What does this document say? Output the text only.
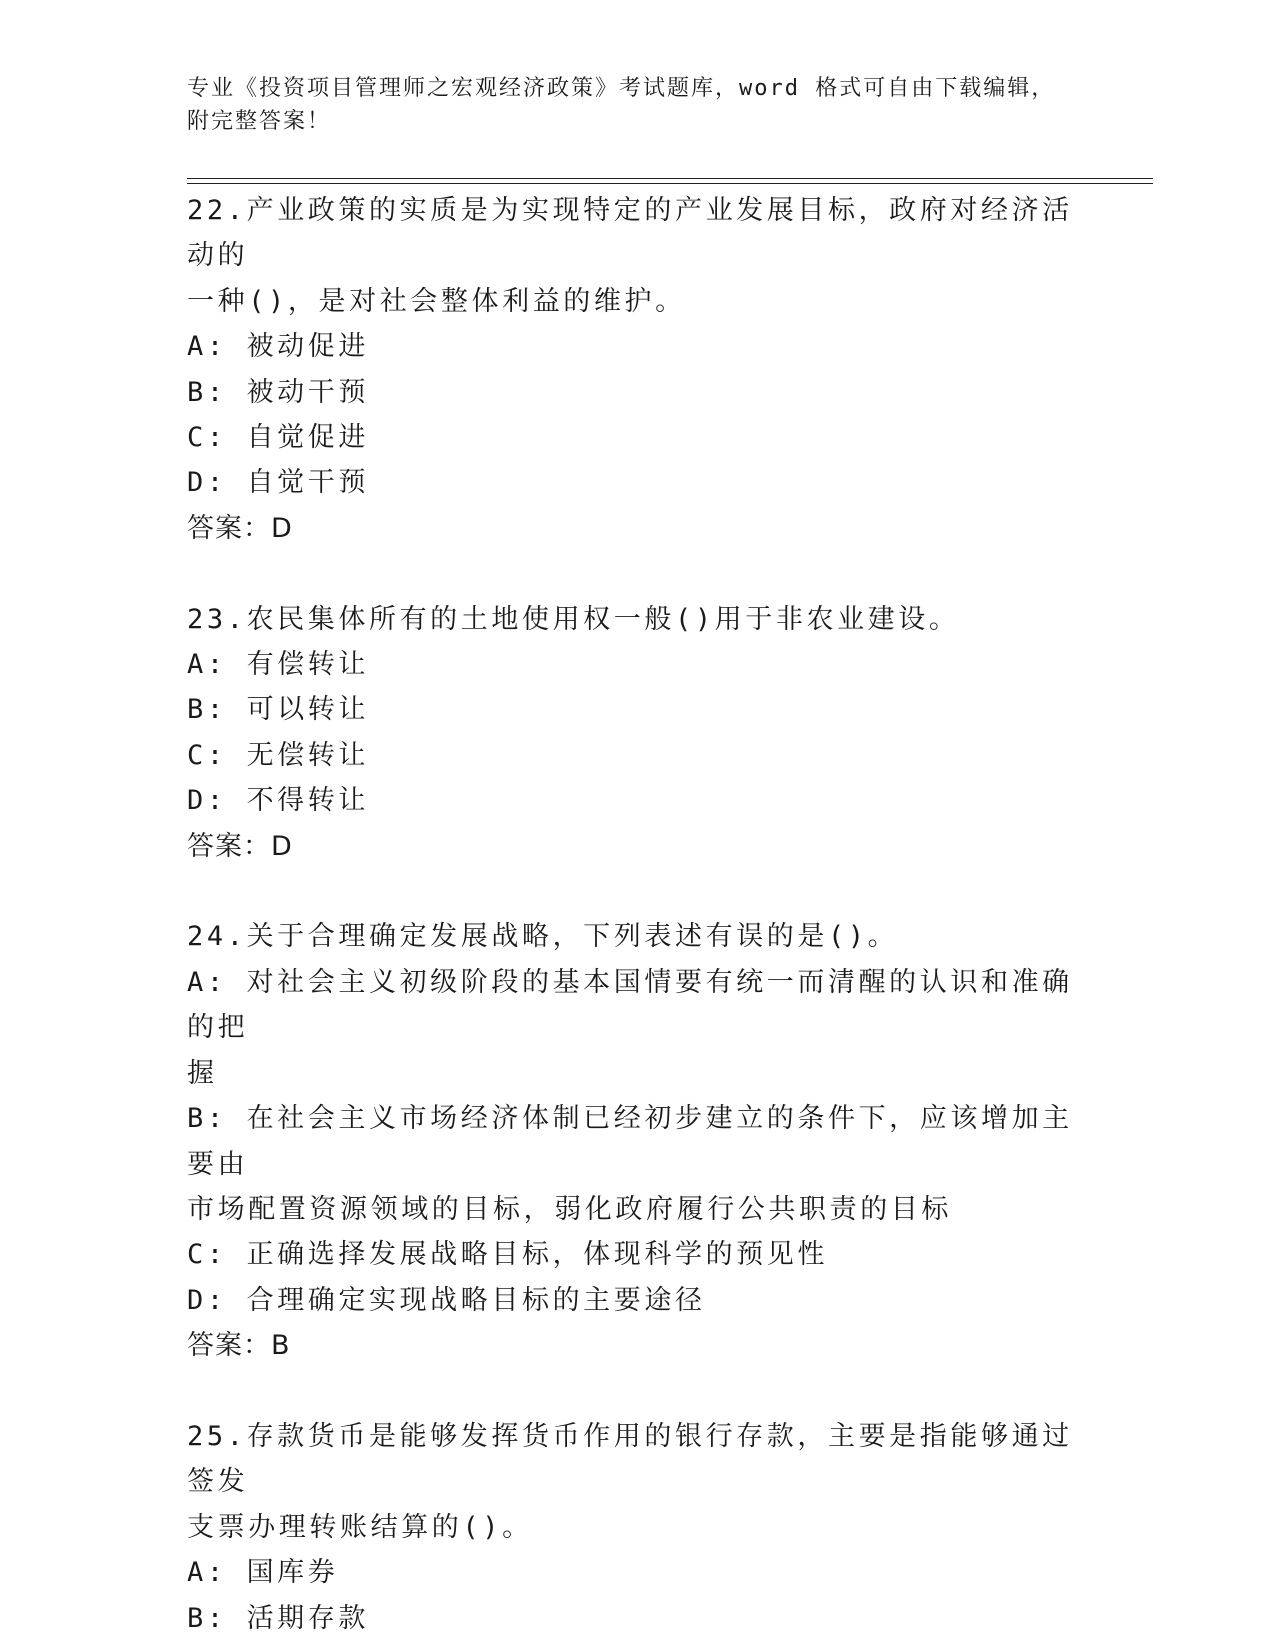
专业《投资项目管理师之宏观经济政策》考试题库，word 格式可自由下载编辑，
附完整答案！
22.产业政策的实质是为实现特定的产业发展目标，政府对经济活动的
一种()，是对社会整体利益的维护。
A: 被动促进
B: 被动干预
C: 自觉促进
D: 自觉干预
答案：D
23.农民集体所有的土地使用权一般()用于非农业建设。
A: 有偿转让
B: 可以转让
C: 无偿转让
D: 不得转让
答案：D
24.关于合理确定发展战略，下列表述有误的是()。
A: 对社会主义初级阶段的基本国情要有统一而清醒的认识和准确的把
握
B: 在社会主义市场经济体制已经初步建立的条件下，应该增加主要由
市场配置资源领域的目标，弱化政府履行公共职责的目标
C: 正确选择发展战略目标，体现科学的预见性
D: 合理确定实现战略目标的主要途径
答案：B
25.存款货币是能够发挥货币作用的银行存款，主要是指能够通过签发
支票办理转账结算的()。
A: 国库券
B: 活期存款
